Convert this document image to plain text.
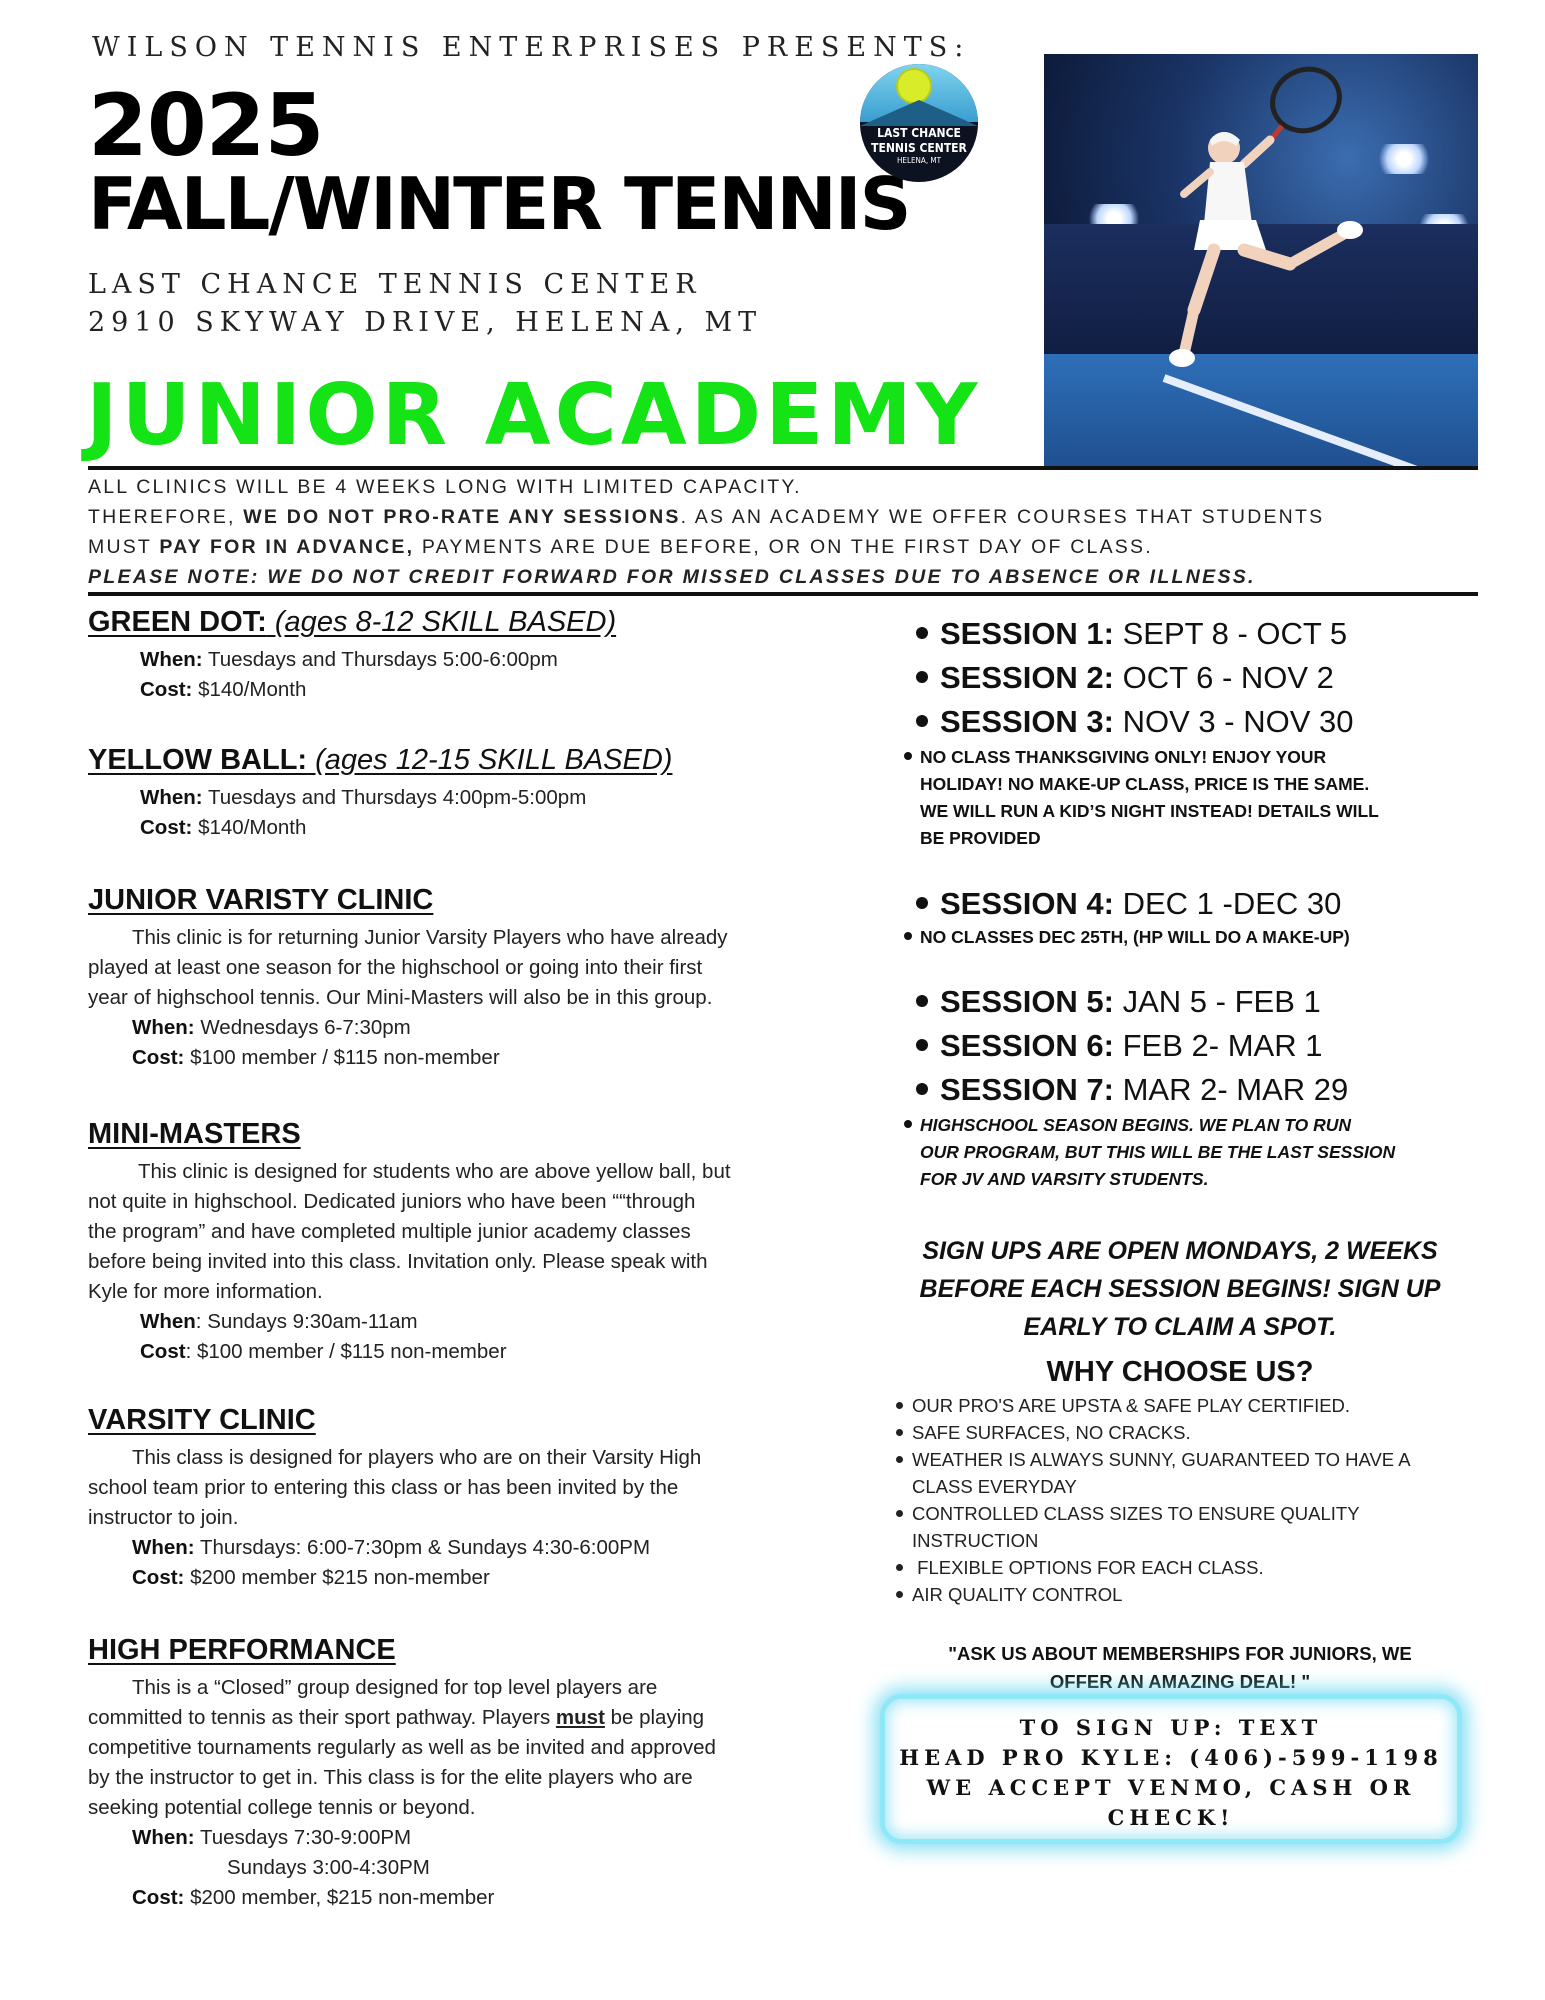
WILSON TENNIS ENTERPRISES PRESENTS:
2025
FALL/WINTER TENNIS
LAST CHANCE
TENNIS CENTER
HELENA, MT
LAST CHANCE TENNIS CENTER
2910 SKYWAY DRIVE, HELENA, MT
JUNIOR ACADEMY
ALL CLINICS WILL BE 4 WEEKS LONG WITH LIMITED CAPACITY.
THEREFORE, WE DO NOT PRO-RATE ANY SESSIONS. AS AN ACADEMY WE OFFER COURSES THAT STUDENTS
MUST PAY FOR IN ADVANCE, PAYMENTS ARE DUE BEFORE, OR ON THE FIRST DAY OF CLASS.
PLEASE NOTE: WE DO NOT CREDIT FORWARD FOR MISSED CLASSES DUE TO ABSENCE OR ILLNESS.
GREEN DOT: (ages 8-12 SKILL BASED)
When: Tuesdays and Thursdays 5:00-6:00pm
Cost: $140/Month
YELLOW BALL: (ages 12-15 SKILL BASED)
When: Tuesdays and Thursdays 4:00pm-5:00pm
Cost: $140/Month
JUNIOR VARISTY CLINIC
This clinic is for returning Junior Varsity Players who have already
played at least one season for the highschool or going into their first
year of highschool tennis. Our Mini-Masters will also be in this group.
When: Wednesdays 6-7:30pm
Cost: $100 member / $115 non-member
MINI-MASTERS
This clinic is designed for students who are above yellow ball, but
not quite in highschool. Dedicated juniors who have been ““through
the program” and have completed multiple junior academy classes
before being invited into this class. Invitation only. Please speak with
Kyle for more information.
When: Sundays 9:30am-11am
Cost: $100 member / $115 non-member
VARSITY CLINIC
This class is designed for players who are on their Varsity High
school team prior to entering this class or has been invited by the
instructor to join.
When: Thursdays: 6:00-7:30pm & Sundays 4:30-6:00PM
Cost: $200 member $215 non-member
HIGH PERFORMANCE
This is a “Closed” group designed for top level players are
committed to tennis as their sport pathway. Players must be playing
competitive tournaments regularly as well as be invited and approved
by the instructor to get in. This class is for the elite players who are
seeking potential college tennis or beyond.
When: Tuesdays 7:30-9:00PM
Sundays 3:00-4:30PM
Cost: $200 member, $215 non-member
SESSION 1: SEPT 8 - OCT 5
SESSION 2: OCT 6 - NOV 2
SESSION 3: NOV 3 - NOV 30
NO CLASS THANKSGIVING ONLY! ENJOY YOUR
HOLIDAY! NO MAKE-UP CLASS, PRICE IS THE SAME.
WE WILL RUN A KID’S NIGHT INSTEAD! DETAILS WILL
BE PROVIDED
SESSION 4: DEC 1 -DEC 30
NO CLASSES DEC 25TH, (HP WILL DO A MAKE-UP)
SESSION 5: JAN 5 - FEB 1
SESSION 6: FEB 2- MAR 1
SESSION 7: MAR 2- MAR 29
HIGHSCHOOL SEASON BEGINS. WE PLAN TO RUN
OUR PROGRAM, BUT THIS WILL BE THE LAST SESSION
FOR JV AND VARSITY STUDENTS.
SIGN UPS ARE OPEN MONDAYS, 2 WEEKS
BEFORE EACH SESSION BEGINS! SIGN UP
EARLY TO CLAIM A SPOT.
WHY CHOOSE US?
OUR PRO'S ARE UPSTA & SAFE PLAY CERTIFIED.
SAFE SURFACES, NO CRACKS.
WEATHER IS ALWAYS SUNNY, GUARANTEED TO HAVE A
CLASS EVERYDAY
CONTROLLED CLASS SIZES TO ENSURE QUALITY
INSTRUCTION
FLEXIBLE OPTIONS FOR EACH CLASS.
AIR QUALITY CONTROL
"ASK US ABOUT MEMBERSHIPS FOR JUNIORS, WE
OFFER AN AMAZING DEAL! "
TO SIGN UP: TEXT
HEAD PRO KYLE: (406)-599-1198
WE ACCEPT VENMO, CASH OR
CHECK!
